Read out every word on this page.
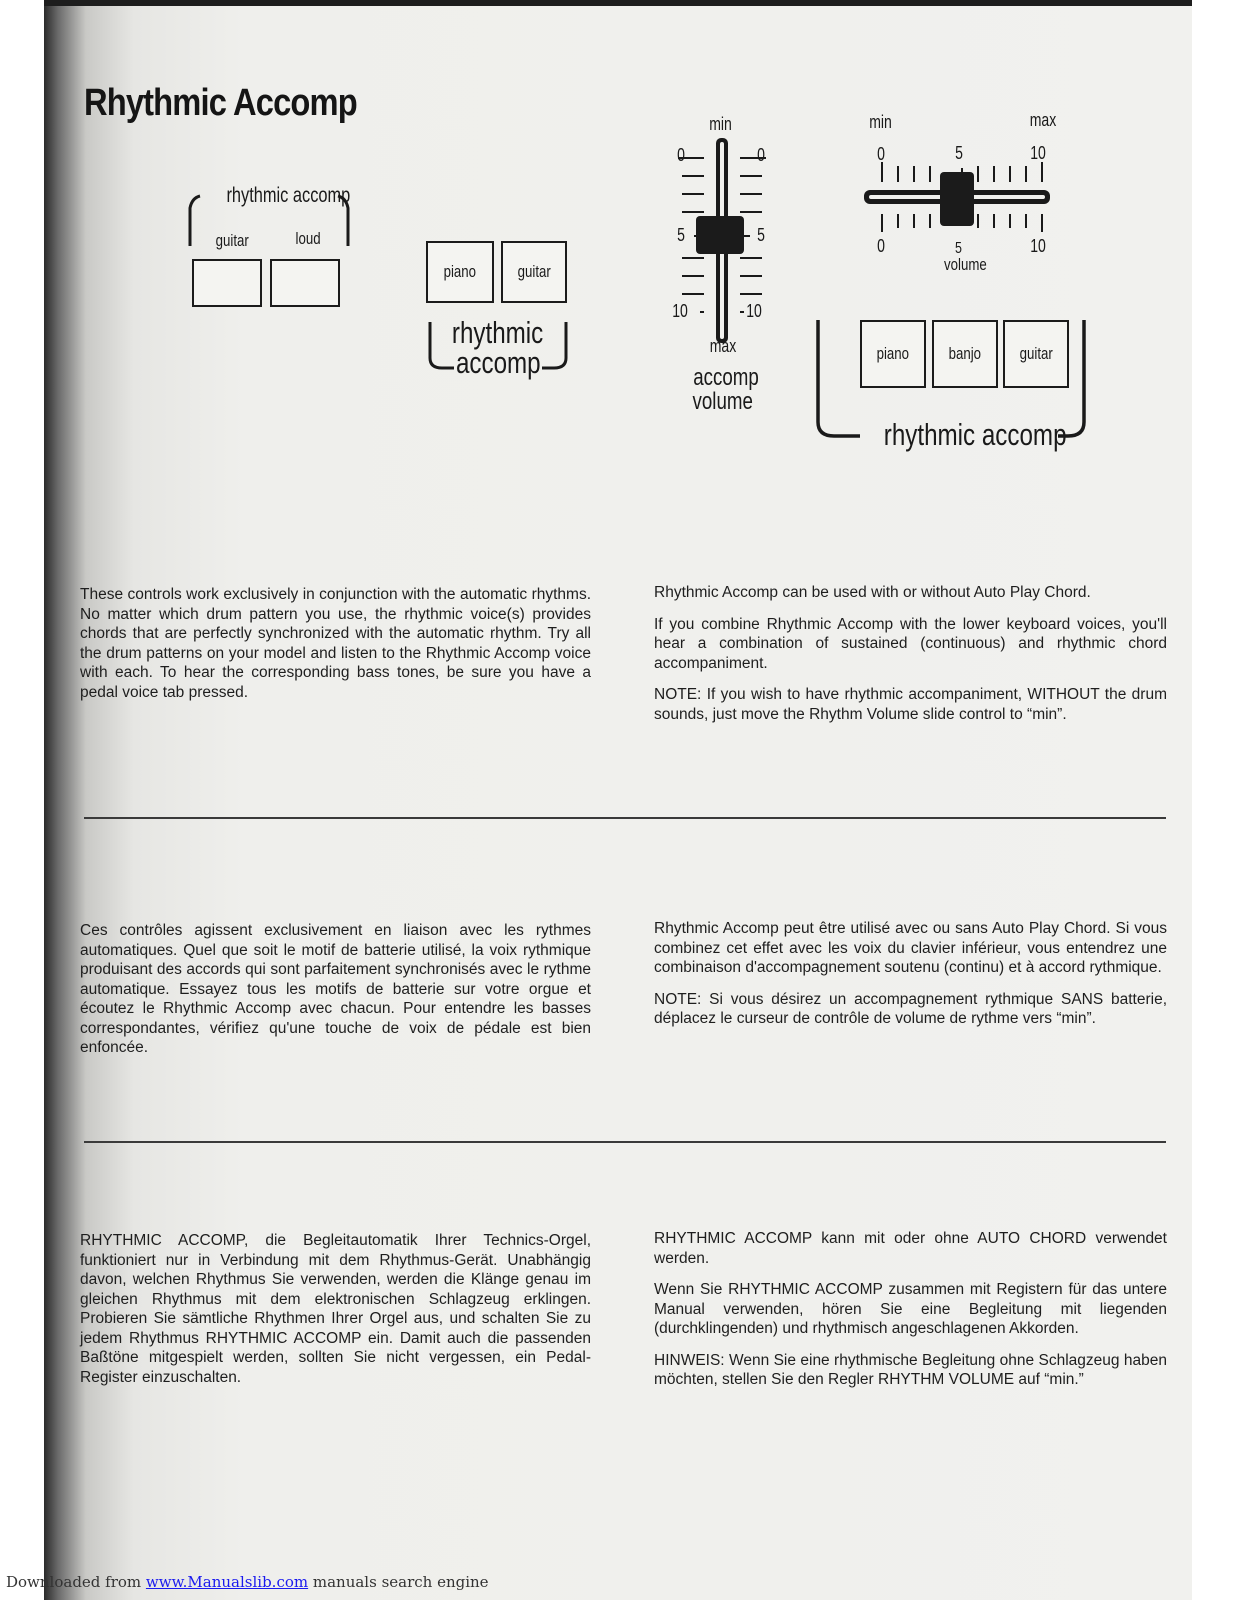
Rhythmic Accomp
rhythmic accomp
guitar	loud
piano guitar
rhythmic
accomp
min
0	0
5	5
10	10
max
accomp
volume
min	max
0	5	10
0	5	10
volume
piano banjo guitar
rhythmic accomp

These controls work exclusively in conjunction with the automatic rhythms. No matter which drum pattern you use, the rhythmic voice(s) provides chords that are perfectly synchronized with the automatic rhythm. Try all the drum patterns on your model and listen to the Rhythmic Accomp voice with each. To hear the corresponding bass tones, be sure you have a pedal voice tab pressed.

Rhythmic Accomp can be used with or without Auto Play Chord.

If you combine Rhythmic Accomp with the lower keyboard voices, you'll hear a combination of sustained (continuous) and rhythmic chord accompaniment.

NOTE: If you wish to have rhythmic accompaniment, WITHOUT the drum sounds, just move the Rhythm Volume slide control to “min”.

Ces contrôles agissent exclusivement en liaison avec les rythmes automatiques. Quel que soit le motif de batterie utilisé, la voix rythmique produisant des accords qui sont parfaitement synchronisés avec le rythme automatique. Essayez tous les motifs de batterie sur votre orgue et écoutez le Rhythmic Accomp avec chacun. Pour entendre les basses correspondantes, vérifiez qu'une touche de voix de pédale est bien enfoncée.

Rhythmic Accomp peut être utilisé avec ou sans Auto Play Chord. Si vous combinez cet effet avec les voix du clavier inférieur, vous entendrez une combinaison d'accompagnement soutenu (continu) et à accord rythmique.

NOTE: Si vous désirez un accompagnement rythmique SANS batterie, déplacez le curseur de contrôle de volume de rythme vers “min”.

RHYTHMIC ACCOMP, die Begleitautomatik Ihrer Technics-Orgel, funktioniert nur in Verbindung mit dem Rhythmus-Gerät. Unabhängig davon, welchen Rhythmus Sie verwenden, werden die Klänge genau im gleichen Rhythmus mit dem elektronischen Schlagzeug erklingen. Probieren Sie sämtliche Rhythmen Ihrer Orgel aus, und schalten Sie zu jedem Rhythmus RHYTHMIC ACCOMP ein. Damit auch die passenden Baßtöne mitgespielt werden, sollten Sie nicht vergessen, ein Pedal-Register einzuschalten.

RHYTHMIC ACCOMP kann mit oder ohne AUTO CHORD verwendet werden.

Wenn Sie RHYTHMIC ACCOMP zusammen mit Registern für das untere Manual verwenden, hören Sie eine Begleitung mit liegenden (durchklingenden) und rhythmisch angeschlagenen Akkorden.

HINWEIS: Wenn Sie eine rhythmische Begleitung ohne Schlagzeug haben möchten, stellen Sie den Regler RHYTHM VOLUME auf “min.”

Downloaded from www.Manualslib.com manuals search engine
